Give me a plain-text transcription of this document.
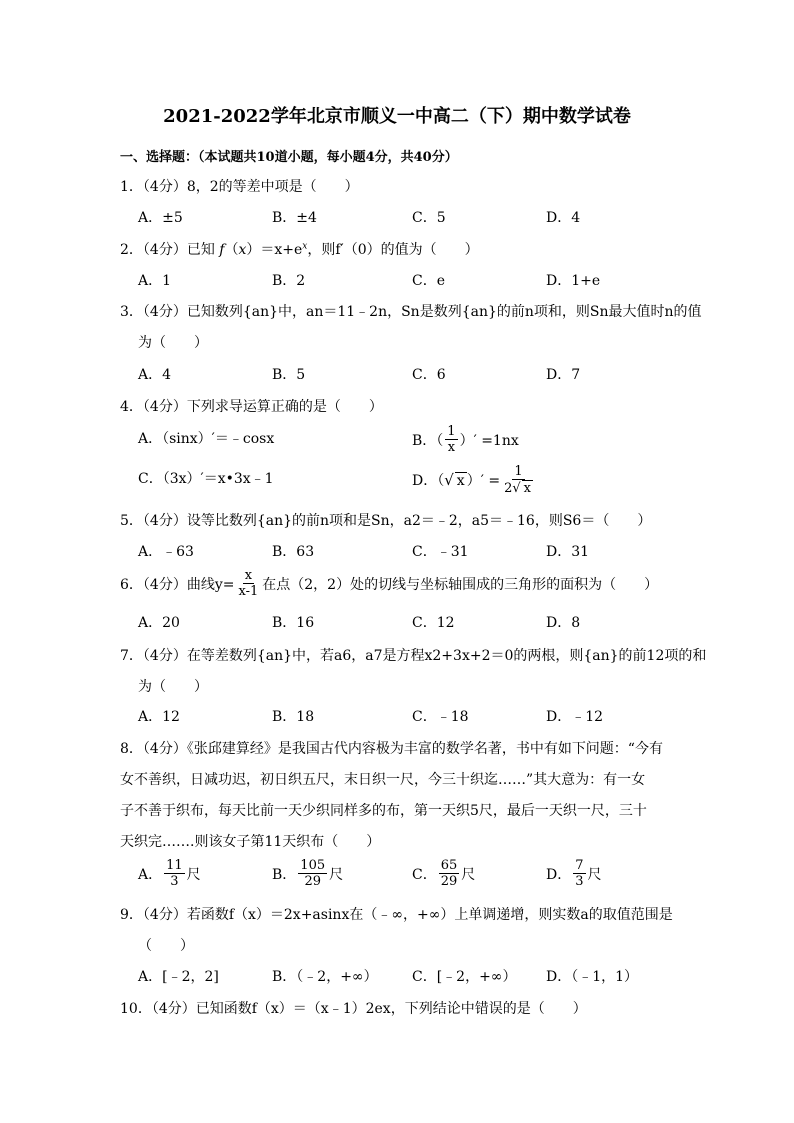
2021-2022学年北京市顺义一中高二（下）期中数学试卷
一、选择题：（本试题共10道小题，每小题4分，共40分）
1．（4分）8，2的等差中项是（　　）
A．±5	B．±4	C．5	D．4
2．（4分）已知 $f(x)=x+e^x$，则f′（0）的值为（　　）
A．1	B．2	C．e	D．1+e
3．（4分）已知数列{an}中，an＝11﹣2n，Sn是数列{an}的前n项和，则Sn最大值时n的值
为（　　）
A．4	B．5	C．6	D．7
4．（4分）下列求导运算正确的是（　　）
A．（sinx）′＝﹣cosx	B．（ $\frac{1}{x}$ ）′ =1nx
C．（3x）′＝x•3x﹣1	D．（ √ x ）′ = $\frac{1}{2√ x}$
5．（4分）设等比数列{an}的前n项和是Sn，a2＝﹣2，a5＝﹣16，则S6＝（　　）
A．﹣63	B．63	C．﹣31	D．31
6．（4分）曲线$y= \frac{x}{x-1}$ 在点（2，2）处的切线与坐标轴围成的三角形的面积为（　　）
A．20	B．16	C．12	D．8
7．（4分）在等差数列{an}中，若a6，a7是方程x2+3x+2＝0的两根，则{an}的前12项的和
为（　　）
A．12	B．18	C．﹣18	D．﹣12
8．（4分）《张邱建算经》是我国古代内容极为丰富的数学名著，书中有如下问题：“今有
女不善织，日减功迟，初日织五尺，末日织一尺，今三十织迄……”其大意为：有一女
子不善于织布，每天比前一天少织同样多的布，第一天织5尺，最后一天织一尺，三十
天织完…….则该女子第11天织布（　　）
A． $\frac{11}{3}$ 尺	B． $\frac{105}{29}$ 尺	C． $\frac{65}{29}$ 尺	D． $\frac{7}{3}$ 尺
9．（4分）若函数f（x）＝2x+asinx在（﹣∞，+∞）上单调递增，则实数a的取值范围是
（　　）
A．[﹣2，2]	B．（﹣2，+∞） C．[﹣2，+∞） D．（﹣1，1）
10．（4分）已知函数f（x）＝（x﹣1）2ex，下列结论中错误的是（　　）
